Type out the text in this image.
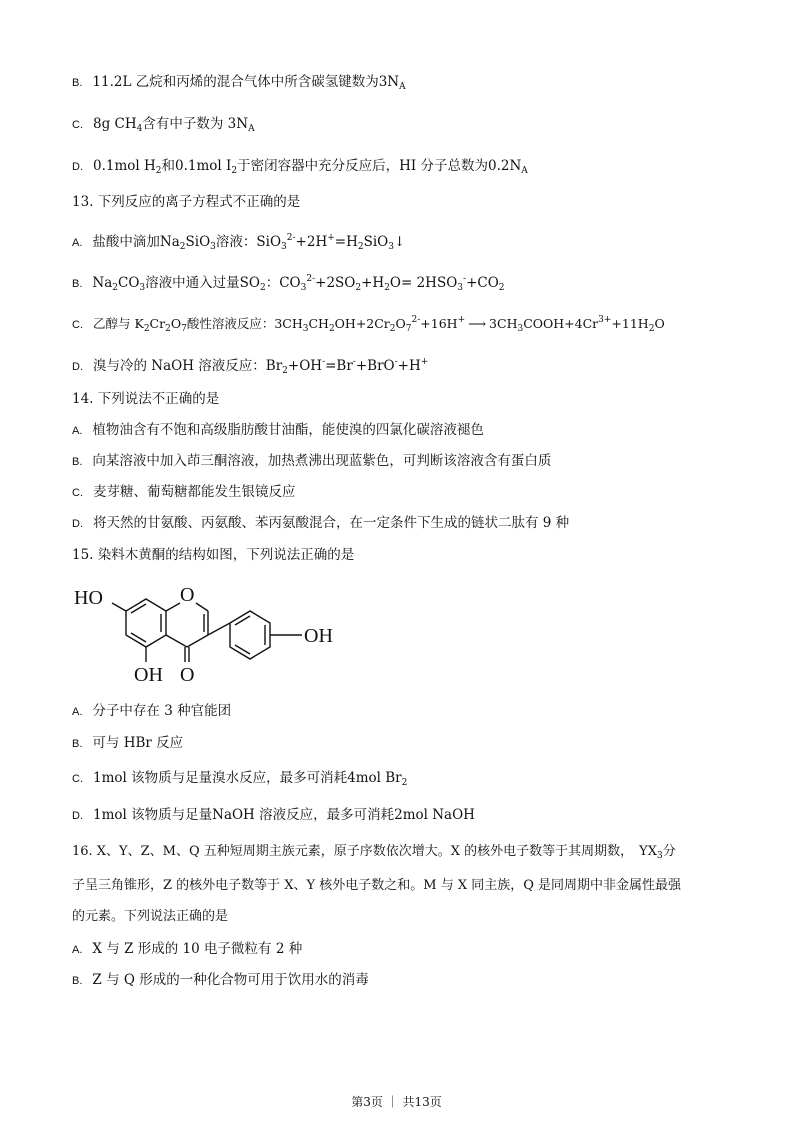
B. 11.2L 乙烷和丙烯的混合气体中所含碳氢键数为$3N_A$
C. 8g $CH_4$含有中子数为 $3N_A$
D. 0.1mol $H_2$和0.1mol $I_2$于密闭容器中充分反应后，HI 分子总数为$0.2N_A$
13. 下列反应的离子方程式不正确的是
A. 盐酸中滴加$Na_2SiO_3$溶液：$SiO_3^{2-}+2H^+=H_2SiO_3↓$
B. $Na_2CO_3$溶液中通入过量$SO_2$：$CO_3^{2-}+2SO_2+H_2O= 2HSO_3^-+CO_2$
C. 乙醇与 $K_2Cr_2O_7$酸性溶液反应：$3CH_3CH_2OH+2Cr_2O_7^{2-}+16H^+$ ⟶ $3CH_3COOH+4Cr^{3+}+11H_2O$
D. 溴与冷的 NaOH 溶液反应：$Br_2+OH^-=Br^-+BrO^-+H^+$
14. 下列说法不正确的是
A. 植物油含有不饱和高级脂肪酸甘油酯，能使溴的四氯化碳溶液褪色
B. 向某溶液中加入茚三酮溶液，加热煮沸出现蓝紫色，可判断该溶液含有蛋白质
C. 麦芽糖、葡萄糖都能发生银镜反应
D. 将天然的甘氨酸、丙氨酸、苯丙氨酸混合，在一定条件下生成的链状二肽有 9 种
15. 染料木黄酮的结构如图，下列说法正确的是
HO	O
OH
OH O
A. 分子中存在 3 种官能团
B. 可与 HBr 反应
C. 1mol 该物质与足量溴水反应，最多可消耗4mol $Br_2$
D. 1mol 该物质与足量NaOH 溶液反应，最多可消耗2mol NaOH
16. X、Y、Z、M、Q 五种短周期主族元素，原子序数依次增大。X 的核外电子数等于其周期数， $YX_3$分
子呈三角锥形，Z 的核外电子数等于 X、Y 核外电子数之和。M 与 X 同主族，Q 是同周期中非金属性最强
的元素。下列说法正确的是
A. X 与 Z 形成的 10 电子微粒有 2 种
B. Z 与 Q 形成的一种化合物可用于饮用水的消毒
第3页 ｜ 共13页
